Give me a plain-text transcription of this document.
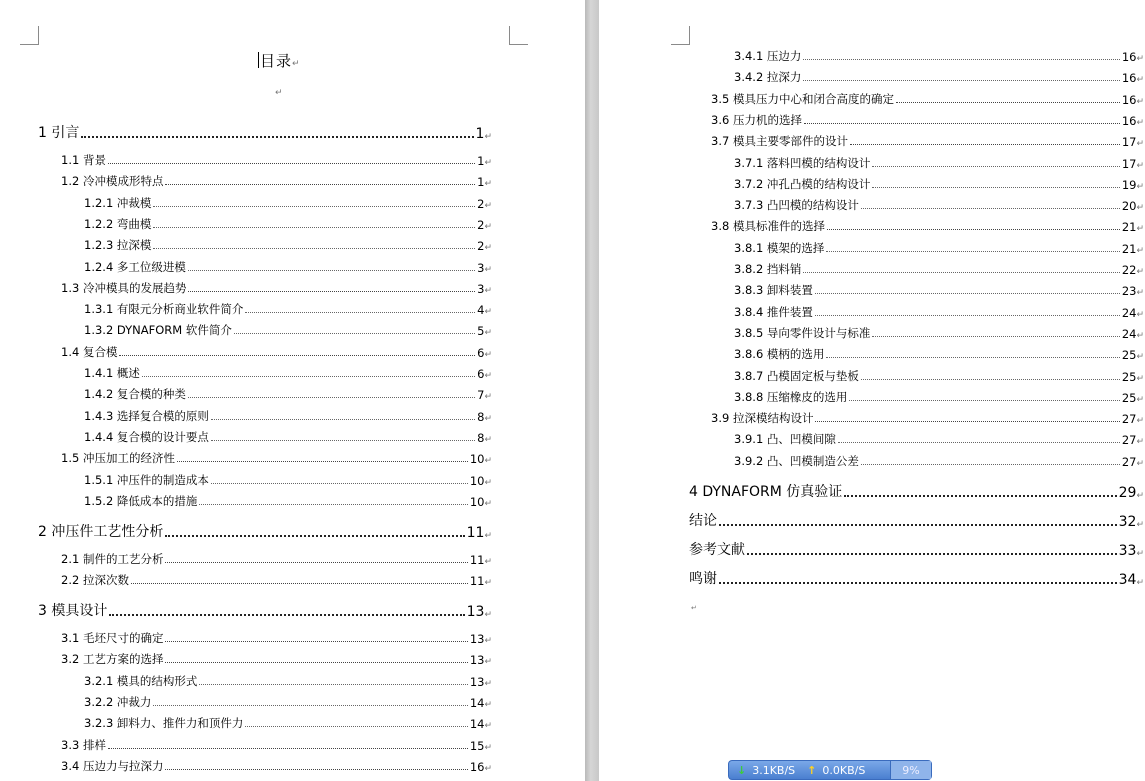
目录↵
↵
1 引言	1 ↵
1.1 背景	1 ↵
1.2 冷冲模成形特点	1 ↵
1.2.1 冲裁模	2 ↵
1.2.2 弯曲模	2 ↵
1.2.3 拉深模	2 ↵
1.2.4 多工位级进模	3 ↵
1.3 冷冲模具的发展趋势	3 ↵
1.3.1 有限元分析商业软件简介	4 ↵
1.3.2 DYNAFORM 软件简介	5 ↵
1.4 复合模	6 ↵
1.4.1 概述	6 ↵
1.4.2 复合模的种类	7 ↵
1.4.3 选择复合模的原则	8 ↵
1.4.4 复合模的设计要点	8 ↵
1.5 冲压加工的经济性	10 ↵
1.5.1 冲压件的制造成本	10 ↵
1.5.2 降低成本的措施	10 ↵
2 冲压件工艺性分析	11 ↵
2.1 制件的工艺分析	11 ↵
2.2 拉深次数	11 ↵
3 模具设计	13 ↵
3.1 毛坯尺寸的确定	13 ↵
3.2 工艺方案的选择	13 ↵
3.2.1 模具的结构形式	13 ↵
3.2.2 冲裁力	14 ↵
3.2.3 卸料力、推件力和顶件力	14 ↵
3.3 排样	15 ↵
3.4 压边力与拉深力	16 ↵
3.4.1 压边力	16 ↵
3.4.2 拉深力	16 ↵
3.5 模具压力中心和闭合高度的确定	16 ↵
3.6 压力机的选择	16 ↵
3.7 模具主要零部件的设计	17 ↵
3.7.1 落料凹模的结构设计	17 ↵
3.7.2 冲孔凸模的结构设计	19 ↵
3.7.3 凸凹模的结构设计	20 ↵
3.8 模具标准件的选择	21 ↵
3.8.1 模架的选择	21 ↵
3.8.2 挡料销	22 ↵
3.8.3 卸料装置	23 ↵
3.8.4 推件装置	24 ↵
3.8.5 导向零件设计与标准	24 ↵
3.8.6 模柄的选用	25 ↵
3.8.7 凸模固定板与垫板	25 ↵
3.8.8 压缩橡皮的选用	25 ↵
3.9 拉深模结构设计	27 ↵
3.9.1 凸、凹模间隙	27 ↵
3.9.2 凸、凹模制造公差	27 ↵
4 DYNAFORM 仿真验证	29 ↵
结论	32 ↵
参考文献	33 ↵
鸣谢	34 ↵
↵
↓ 3.1KB/S ↑ 0.0KB/S	9%
